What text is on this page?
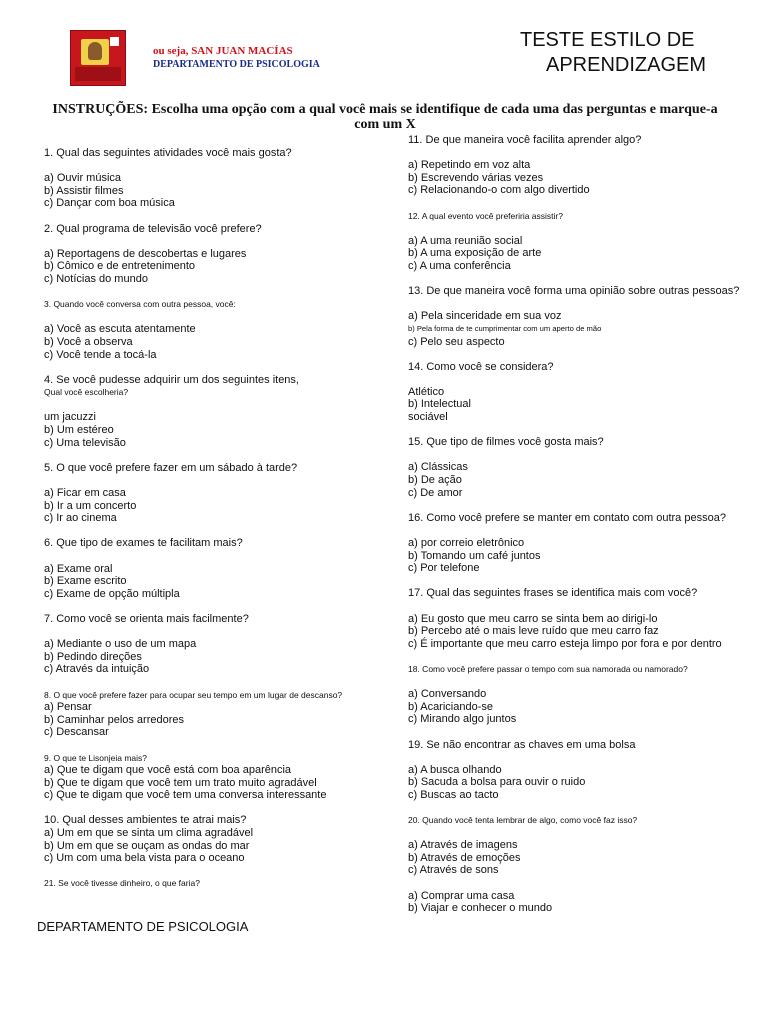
ou seja, SAN JUAN MACÍAS
DEPARTAMENTO DE PSICOLOGIA
TESTE ESTILO DE
APRENDIZAGEM
INSTRUÇÕES: Escolha uma opção com a qual você mais se identifique de cada uma das perguntas e marque-a com um X

1. Qual das seguintes atividades você mais gosta?

a) Ouvir música

b) Assistir filmes

c) Dançar com boa música

2. Qual programa de televisão você prefere?

a) Reportagens de descobertas e lugares

b) Cômico e de entretenimento

c) Notícias do mundo

3. Quando você conversa com outra pessoa, você:

a) Você as escuta atentamente

b) Você a observa

c) Você tende a tocá-la

4. Se você pudesse adquirir um dos seguintes itens,

Qual você escolheria?

um jacuzzi

b) Um estéreo

c) Uma televisão

5. O que você prefere fazer em um sábado à tarde?

a) Ficar em casa

b) Ir a um concerto

c) Ir ao cinema

6. Que tipo de exames te facilitam mais?

a) Exame oral

b) Exame escrito

c) Exame de opção múltipla

7. Como você se orienta mais facilmente?

a) Mediante o uso de um mapa

b) Pedindo direções

c) Através da intuição

8. O que você prefere fazer para ocupar seu tempo em um lugar de descanso?

a) Pensar

b) Caminhar pelos arredores

c) Descansar

9. O que te Lisonjeia mais?

a) Que te digam que você está com boa aparência

b) Que te digam que você tem um trato muito agradável

c) Que te digam que você tem uma conversa interessante

10. Qual desses ambientes te atrai mais?

a) Um em que se sinta um clima agradável

b) Um em que se ouçam as ondas do mar

c) Um com uma bela vista para o oceano

21. Se você tivesse dinheiro, o que faria?

11. De que maneira você facilita aprender algo?

a) Repetindo em voz alta

b) Escrevendo várias vezes

c) Relacionando-o com algo divertido

12. A qual evento você preferiria assistir?

a) A uma reunião social

b) A uma exposição de arte

c) A uma conferência

13. De que maneira você forma uma opinião sobre outras pessoas?

a) Pela sinceridade em sua voz

b) Pela forma de te cumprimentar com um aperto de mão

c) Pelo seu aspecto

14. Como você se considera?

Atlético

b) Intelectual

sociável

15. Que tipo de filmes você gosta mais?

a) Clássicas

b) De ação

c) De amor

16. Como você prefere se manter em contato com outra pessoa?

a) por correio eletrônico

b) Tomando um café juntos

c) Por telefone

17. Qual das seguintes frases se identifica mais com você?

a) Eu gosto que meu carro se sinta bem ao dirigi-lo

b) Percebo até o mais leve ruído que meu carro faz

c) É importante que meu carro esteja limpo por fora e por dentro

18. Como você prefere passar o tempo com sua namorada ou namorado?

a) Conversando

b) Acariciando-se

c) Mirando algo juntos

19. Se não encontrar as chaves em uma bolsa

a) A busca olhando

b) Sacuda a bolsa para ouvir o ruido

c) Buscas ao tacto

20. Quando você tenta lembrar de algo, como você faz isso?

a) Através de imagens

b) Através de emoções

c) Através de sons

a) Comprar uma casa

b) Viajar e conhecer o mundo

DEPARTAMENTO DE PSICOLOGIA
